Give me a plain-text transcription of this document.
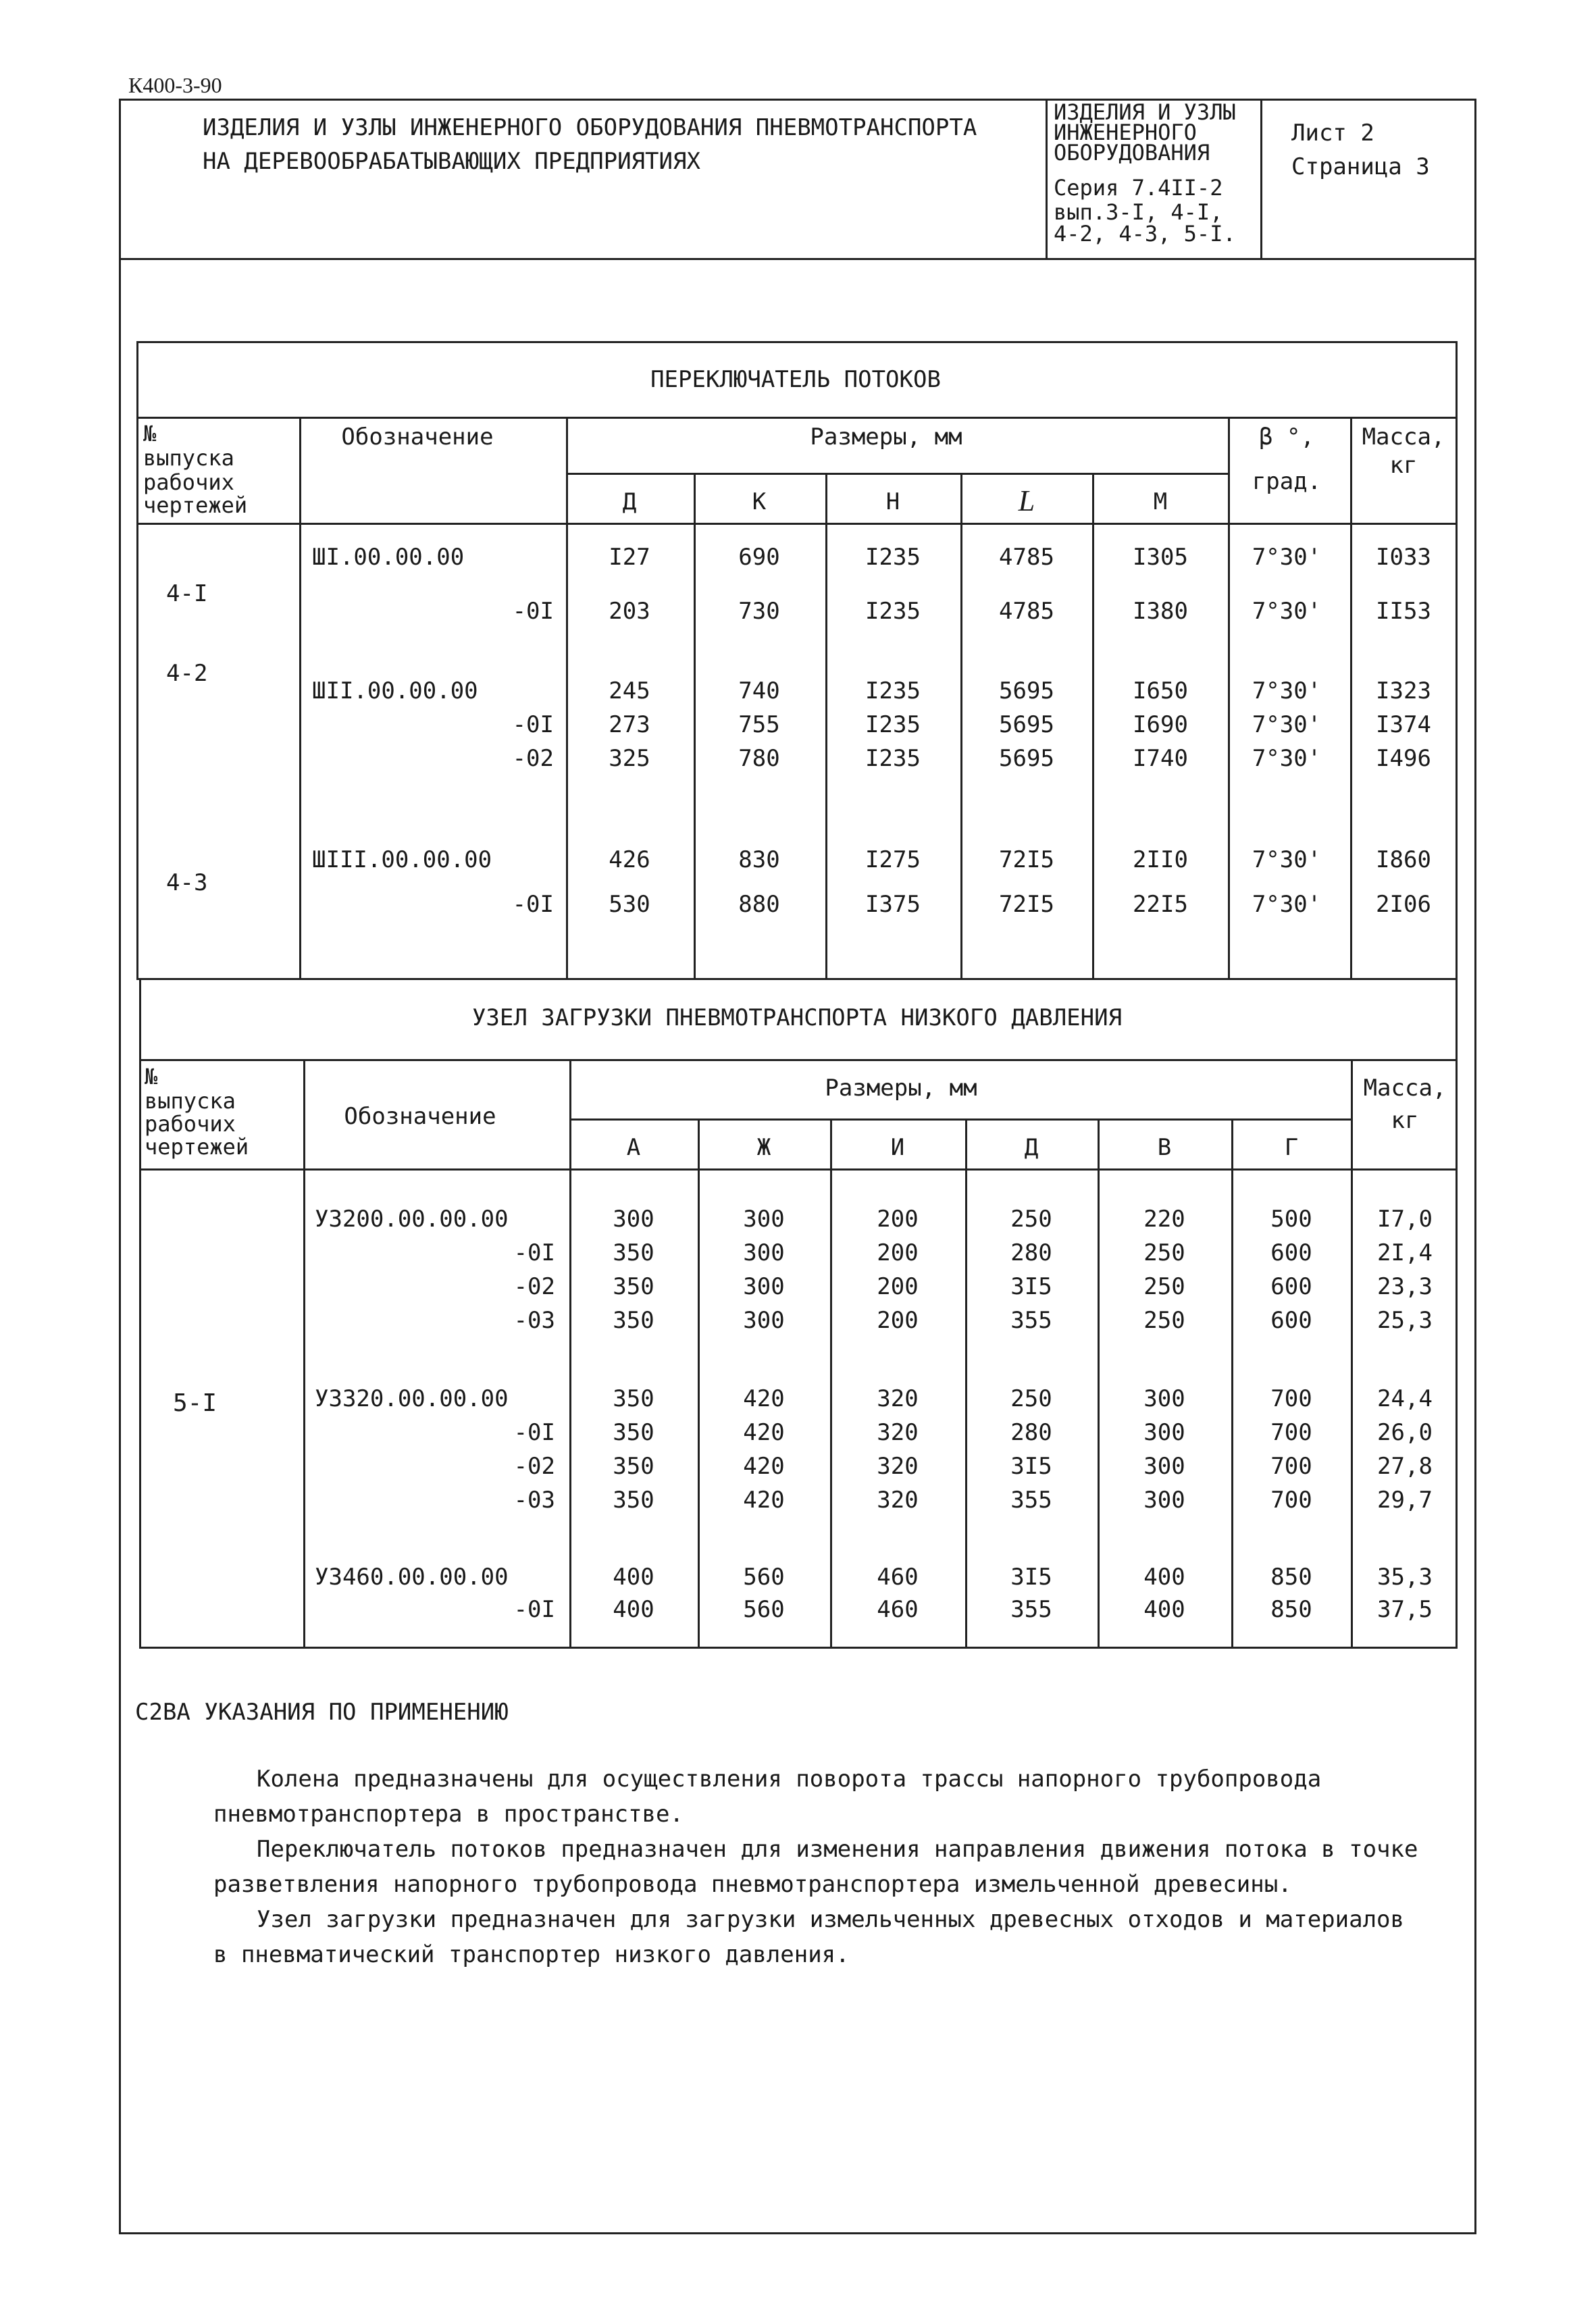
К400-3-90
ИЗДЕЛИЯ И УЗЛЫ ИНЖЕНЕРНОГО ОБОРУДОВАНИЯ ПНЕВМОТРАНСПОРТА
НА ДЕРЕВООБРАБАТЫВАЮЩИХ ПРЕДПРИЯТИЯХ
ИЗДЕЛИЯ И УЗЛЫ
ИНЖЕНЕРНОГО
ОБОРУДОВАНИЯ
Серия 7.4II-2
вып.3-I, 4-I,
4-2, 4-3, 5-I.
Лист 2
Страница 3
ПЕРЕКЛЮЧАТЕЛЬ ПОТОКОВ
№
выпуска
рабочих
чертежей
Обозначение	Размеры, мм	β °,
град.
Масса,
кг
Д	К	Н	L	М
ШI.00.00.00	I27	690	I235	4785	I305	7°30' I033
4-I
-0I 203	730	I235	4785	I380	7°30' II53
ШII.00.00.00	245	740	I235	5695	I650	7°30' I323
-0I 273	755	I235	5695	I690	7°30' I374
4-2
-02 325	780	I235	5695	I740	7°30' I496
ШIII.00.00.00	426	830	I275	72I5	2II0	7°30' I860
-0I 530	880	I375	72I5	22I5	7°30' 2I06
4-3
УЗЕЛ ЗАГРУЗКИ ПНЕВМОТРАНСПОРТА НИЗКОГО ДАВЛЕНИЯ
№
выпуска
рабочих
чертежей
Обозначение
Размеры, мм	Масса,
кг
А	Ж	И	Д	В	Г
5-I
УЗ200.00.00.00	300	300	200	250	220	500	I7,0
-0I	350	300	200	280	250	600	2I,4
-02	350	300	200	3I5	250	600	23,3
-03	350	300	200	355	250	600	25,3
УЗ320.00.00.00	350	420	320	250	300	700	24,4
-0I	350	420	320	280	300	700	26,0
-02	350	420	320	3I5	300	700	27,8
-03	350	420	320	355	300	700	29,7
УЗ460.00.00.00	400	560	460	3I5	400	850	35,3
-0I	400	560	460	355	400	850	37,5
С2ВА УКАЗАНИЯ ПО ПРИМЕНЕНИЮ
Колена предназначены для осуществления поворота трассы напорного трубопровода
пневмотранспортера в пространстве.
Переключатель потоков предназначен для изменения направления движения потока в точке
разветвления напорного трубопровода пневмотранспортера измельченной древесины.
Узел загрузки предназначен для загрузки измельченных древесных отходов и материалов
в пневматический транспортер низкого давления.
